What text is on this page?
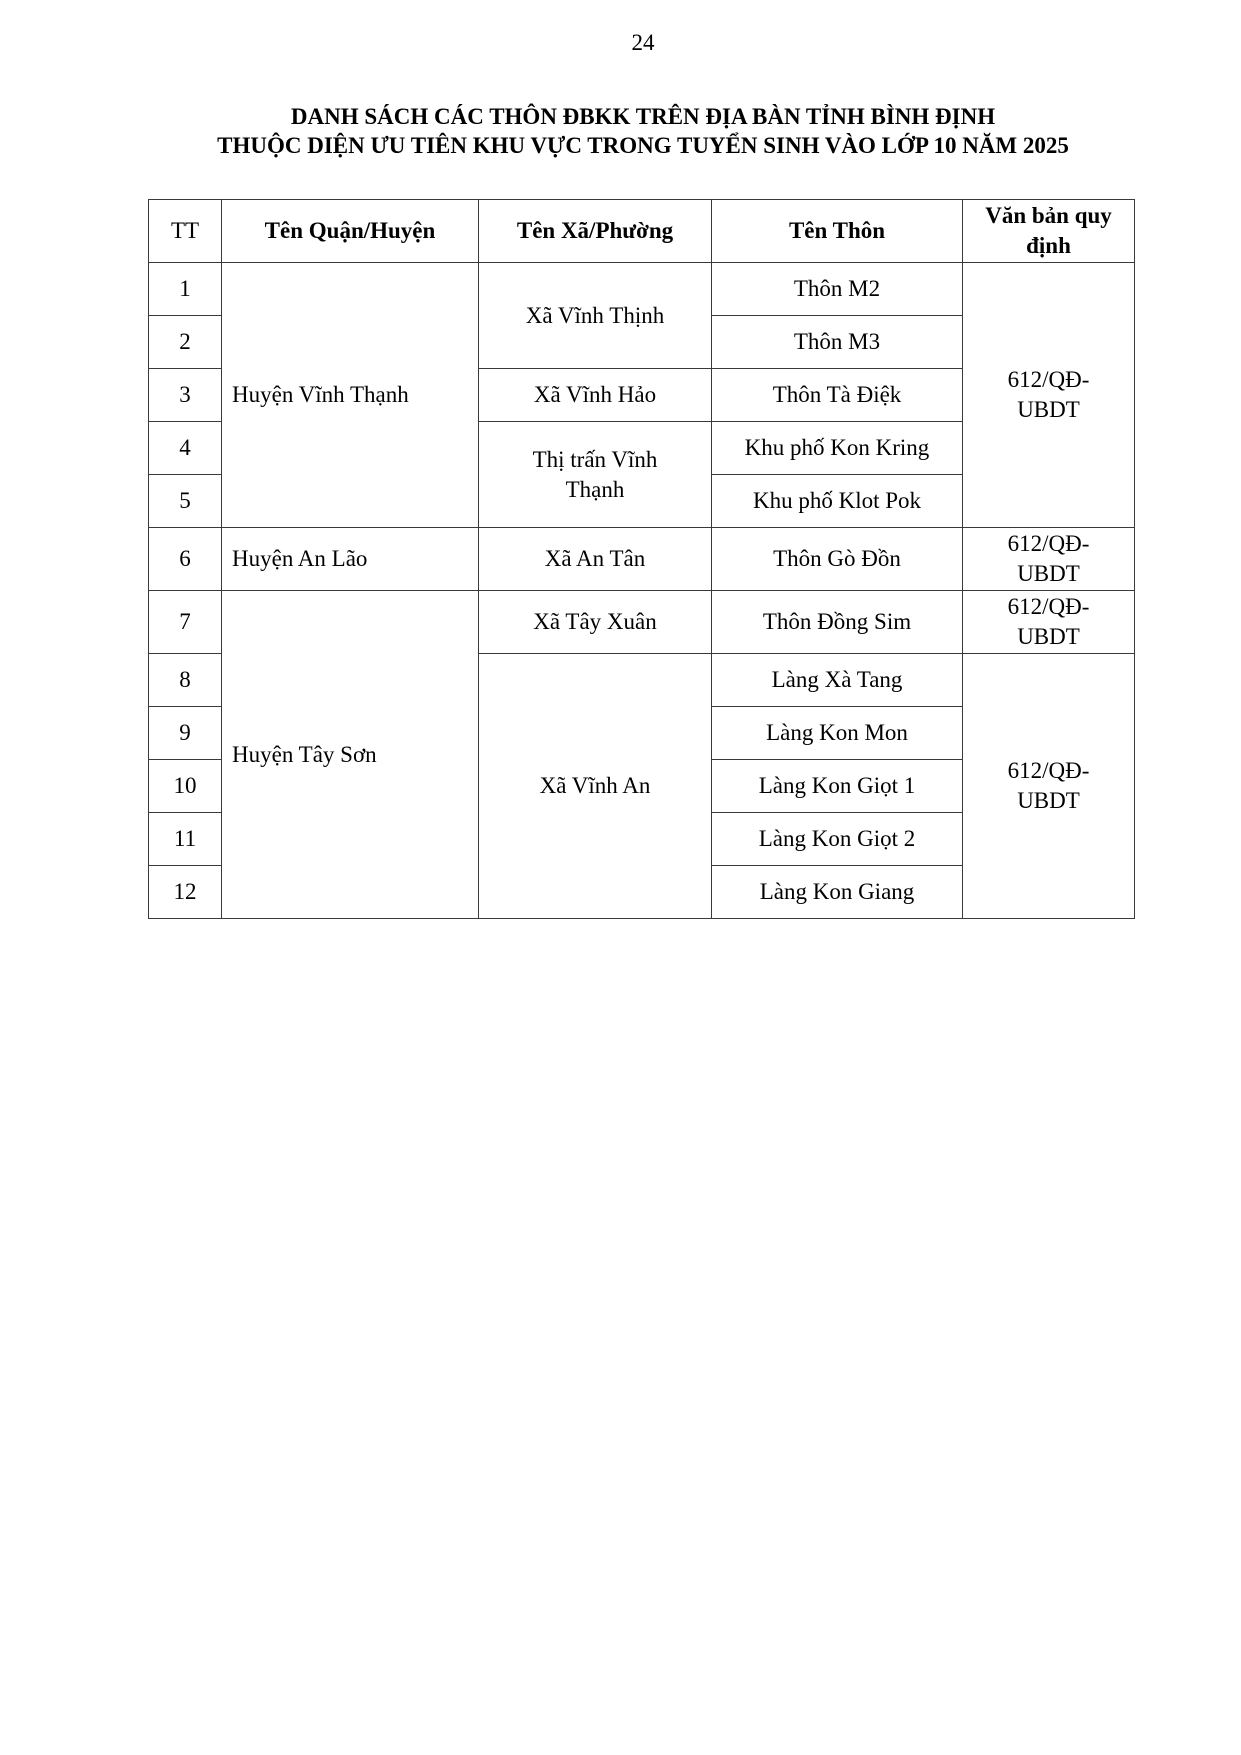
24
DANH SÁCH CÁC THÔN ĐBKK TRÊN ĐỊA BÀN TỈNH BÌNH ĐỊNH
THUỘC DIỆN ƯU TIÊN KHU VỰC TRONG TUYỂN SINH VÀO LỚP 10 NĂM 2025
TT	Tên Quận/Huyện	Tên Xã/Phường	Tên Thôn	Văn bản quy định
1	Huyện Vĩnh Thạnh	Xã Vĩnh Thịnh	Thôn M2	612/QĐ-UBDT
2			Thôn M3	
3		Xã Vĩnh Hảo	Thôn Tà Điệk	
4		Thị trấn Vĩnh Thạnh	Khu phố Kon Kring	
5			Khu phố Klot Pok	
6	Huyện An Lão	Xã An Tân	Thôn Gò Đồn	612/QĐ-UBDT
7	Huyện Tây Sơn	Xã Tây Xuân	Thôn Đồng Sim	612/QĐ-UBDT
8		Xã Vĩnh An	Làng Xà Tang	612/QĐ-UBDT
9			Làng Kon Mon	
10			Làng Kon Giọt 1	
11			Làng Kon Giọt 2	
12			Làng Kon Giang	
